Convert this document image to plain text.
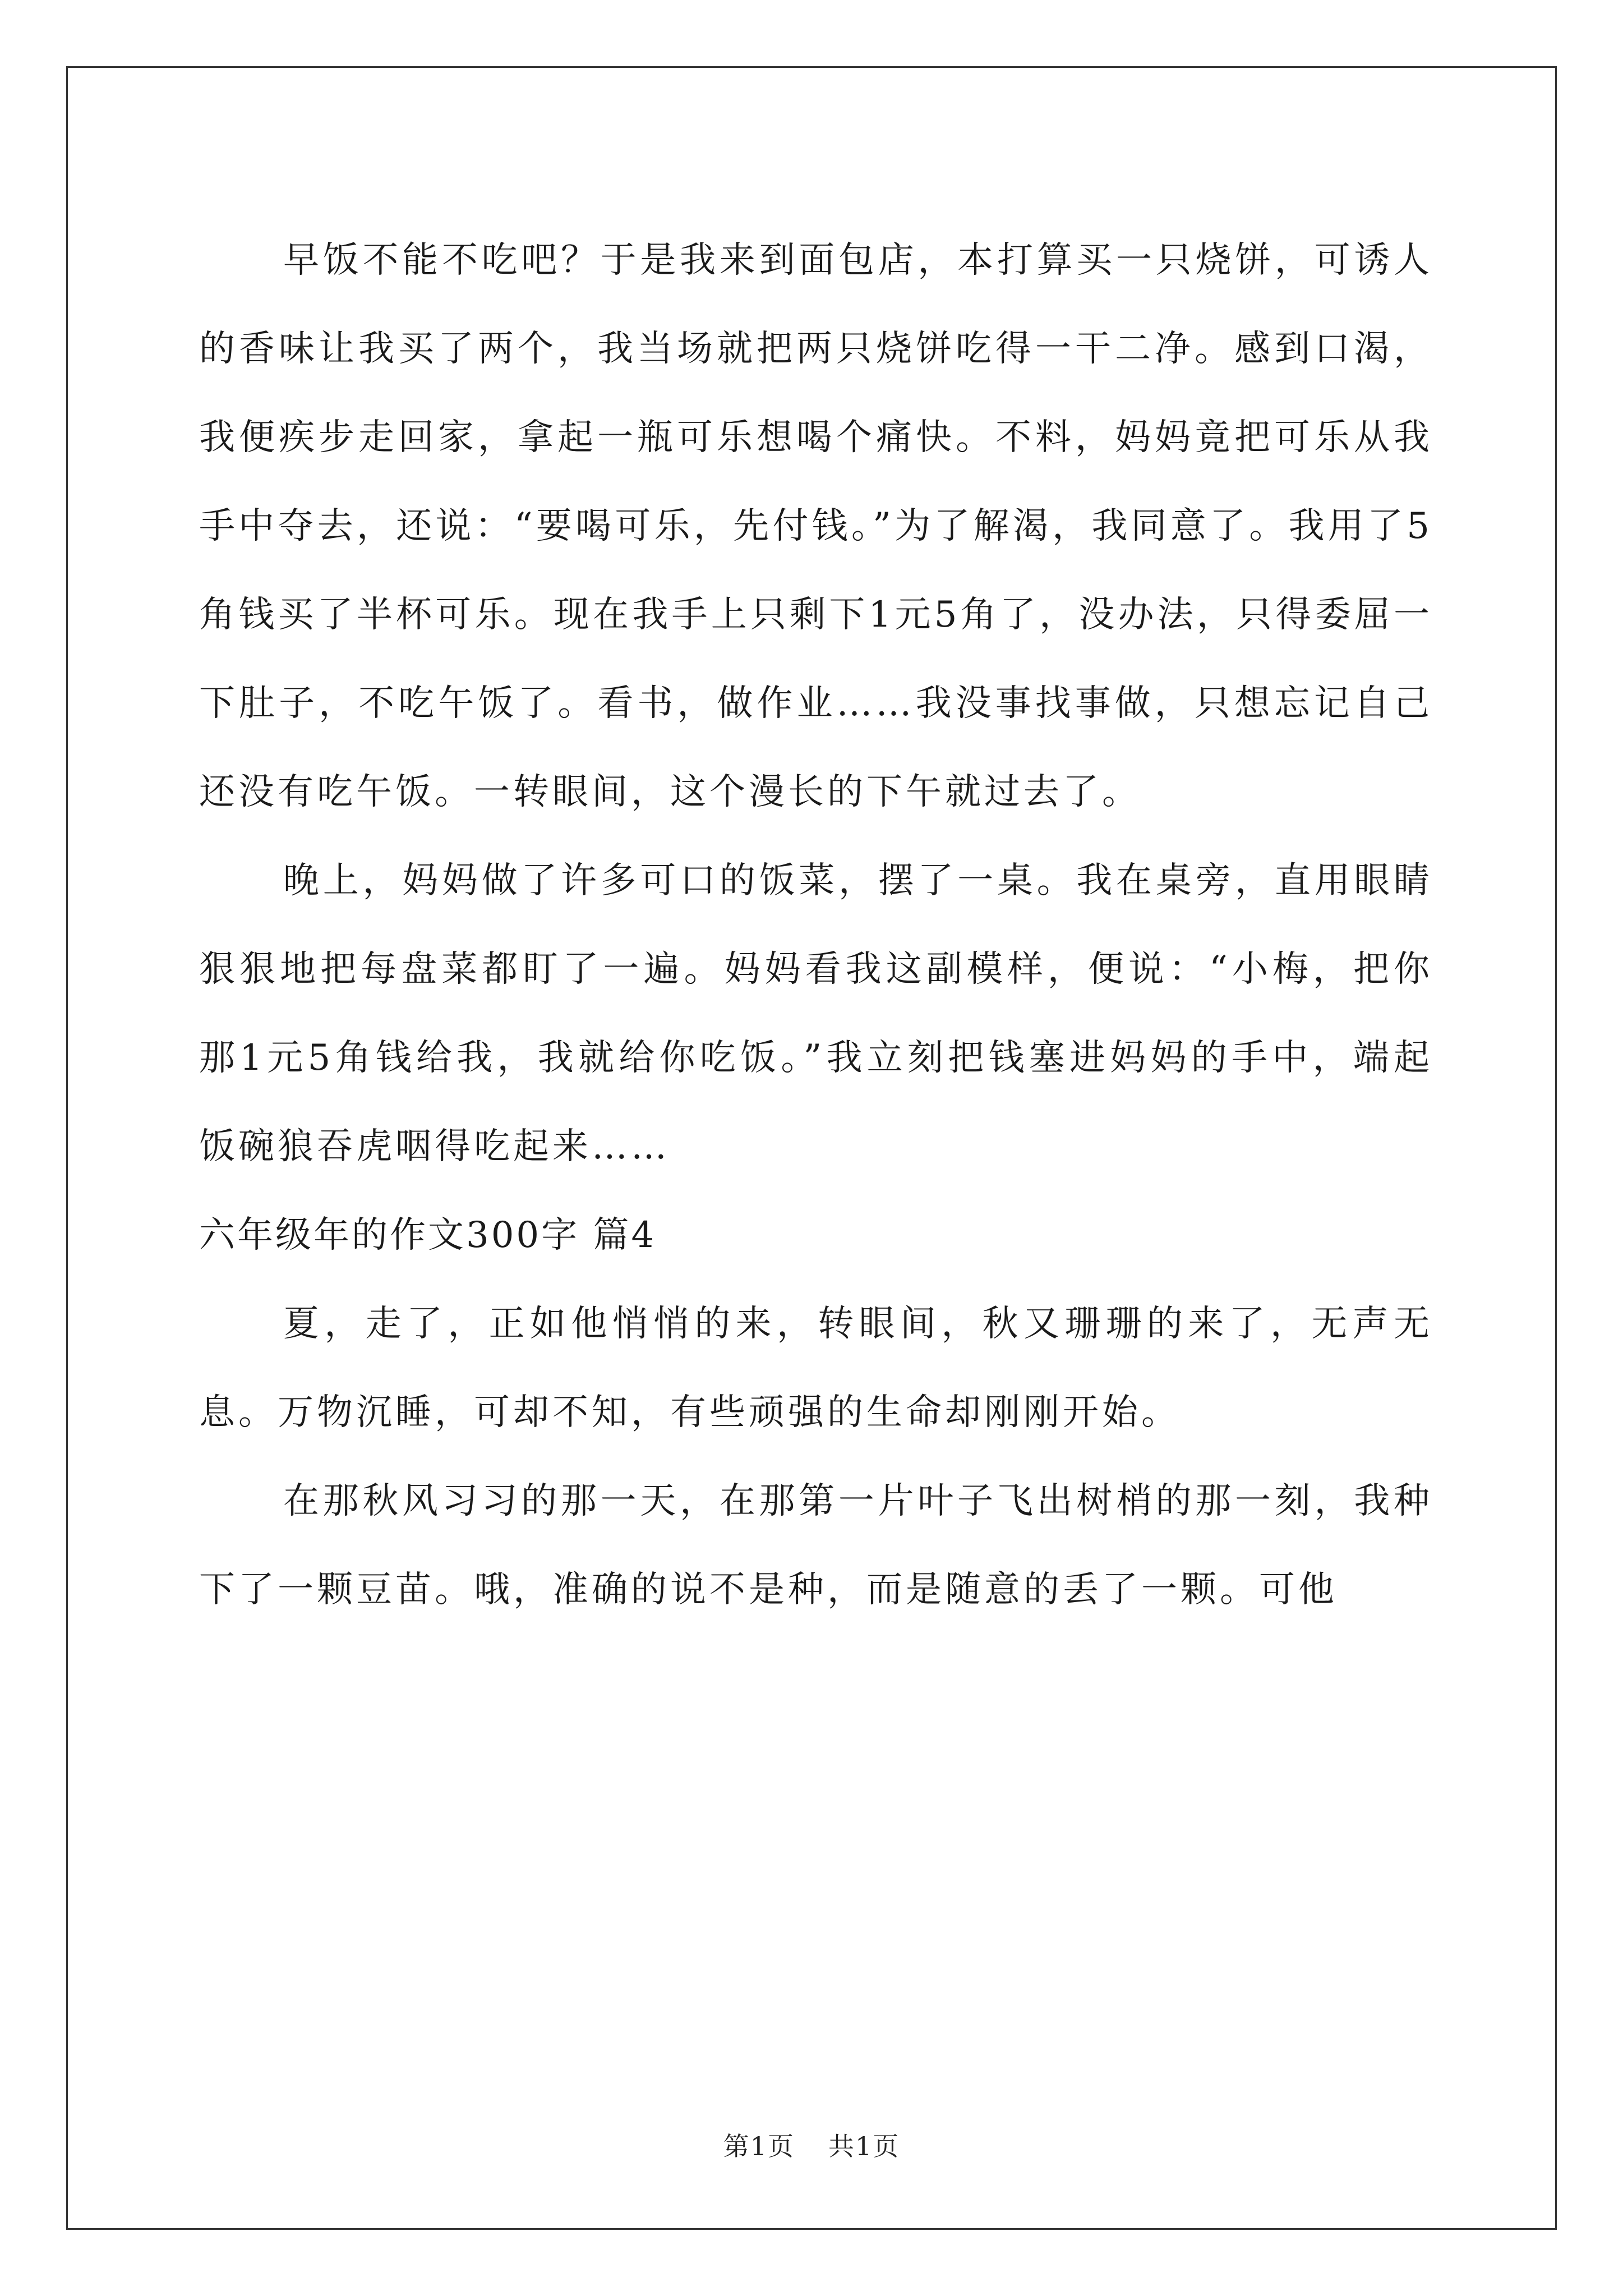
早饭不能不吃吧？于是我来到面包店，本打算买一只烧饼，可诱人的香味让我买了两个，我当场就把两只烧饼吃得一干二净。感到口渴，我便疾步走回家，拿起一瓶可乐想喝个痛快。不料，妈妈竟把可乐从我手中夺去，还说：“要喝可乐，先付钱。”为了解渴，我同意了。我用了5角钱买了半杯可乐。现在我手上只剩下1元5角了，没办法，只得委屈一下肚子，不吃午饭了。看书，做作业……我没事找事做，只想忘记自己还没有吃午饭。一转眼间，这个漫长的下午就过去了。

晚上，妈妈做了许多可口的饭菜，摆了一桌。我在桌旁，直用眼睛狠狠地把每盘菜都盯了一遍。妈妈看我这副模样，便说：“小梅，把你那1元5角钱给我，我就给你吃饭。”我立刻把钱塞进妈妈的手中，端起饭碗狼吞虎咽得吃起来……

六年级年的作文300字 篇4

夏，走了，正如他悄悄的来，转眼间，秋又珊珊的来了，无声无息。万物沉睡，可却不知，有些顽强的生命却刚刚开始。

在那秋风习习的那一天，在那第一片叶子飞出树梢的那一刻，我种下了一颗豆苗。哦，准确的说不是种，而是随意的丢了一颗。可他

第1页 共1页
